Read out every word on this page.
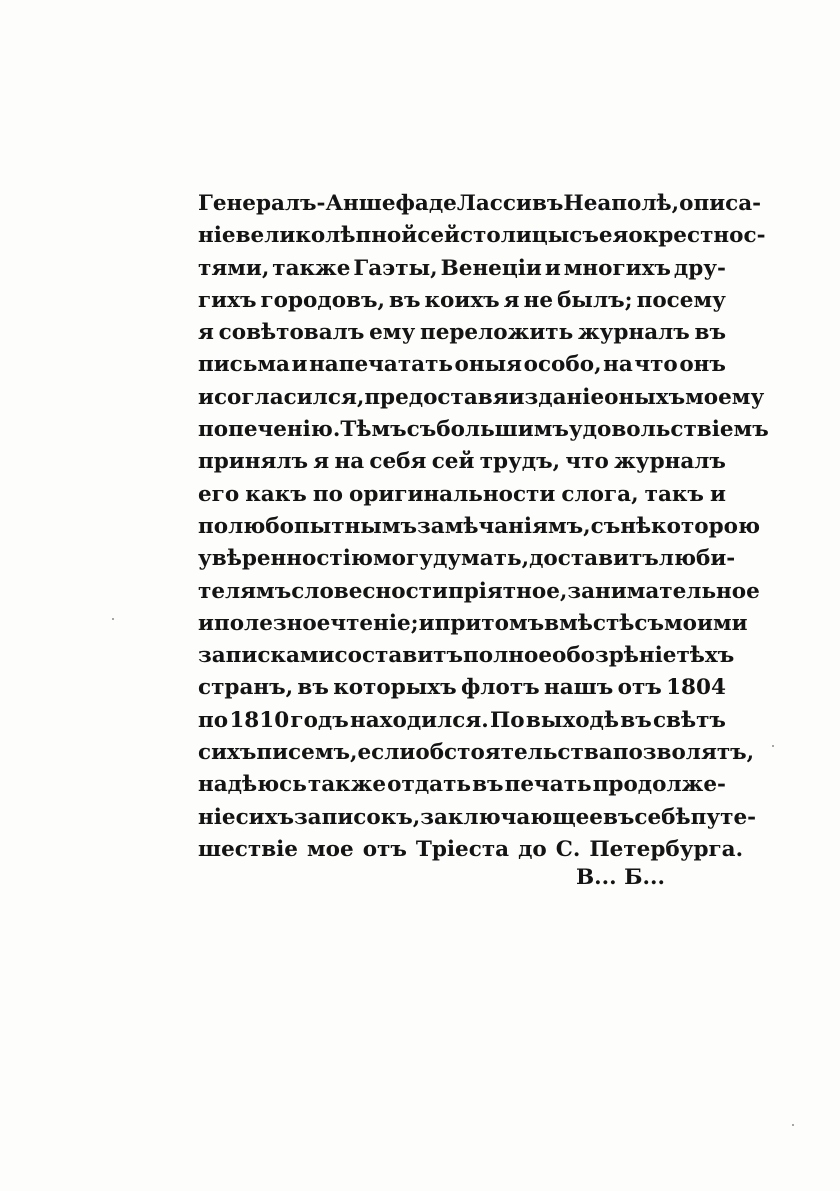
Генералъ-Аншефа де Ласси въ Неаполѣ, описа-
ніе великолѣпной сей столицы съ ея окрестнос-
тями, также Гаэты, Венеціи и многихъ дру-
гихъ городовъ, въ коихъ я не былъ; посему
я совѣтовалъ ему переложить журналъ въ
письма и напечатать оныя особо, на что онъ
и согласился, предоставя изданіе оныхъ моему
попеченію. Тѣмъ съ большимъ удовольствіемъ
принялъ я на себя сей трудъ, что журналъ
его какъ по оригинальности слога, такъ и
по любопытнымъ замѣчаніямъ, съ нѣкоторою
увѣренностію могу думать, доставитъ люби-
телямъ словесности пріятное, занимательное
и полезное чтеніе; и притомъ вмѣстѣ съ моими
записками составитъ полное обозрѣніе тѣхъ
странъ, въ которыхъ флотъ нашъ отъ 1804
по 1810 годъ находился. По выходѣ въ свѣтъ
сихъ писемъ, если обстоятельства позволятъ,
надѣюсь также отдать въ печать продолже-
ніе сихъ записокъ, заключающее въ себѣ путе-
шествіе мое отъ Тріеста до С. Петербурга.
В... Б...
